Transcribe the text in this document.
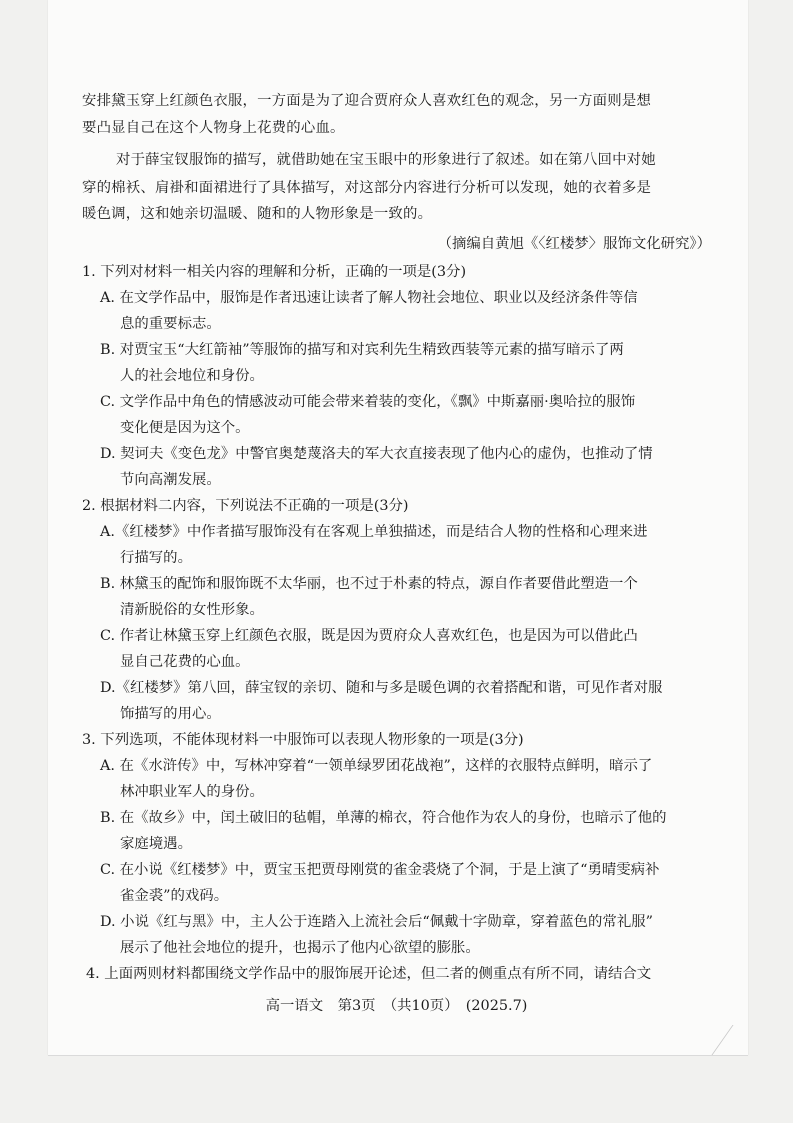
安排黛玉穿上红颜色衣服，一方面是为了迎合贾府众人喜欢红色的观念，另一方面则是想
要凸显自己在这个人物身上花费的心血。
对于薛宝钗服饰的描写，就借助她在宝玉眼中的形象进行了叙述。如在第八回中对她
穿的棉袄、肩褂和面裙进行了具体描写，对这部分内容进行分析可以发现，她的衣着多是
暖色调，这和她亲切温暖、随和的人物形象是一致的。
（摘编自黄旭《〈红楼梦〉服饰文化研究》）
1. 下列对材料一相关内容的理解和分析，正确的一项是(3分)
A. 在文学作品中，服饰是作者迅速让读者了解人物社会地位、职业以及经济条件等信
息的重要标志。
B. 对贾宝玉“大红箭袖”等服饰的描写和对宾利先生精致西装等元素的描写暗示了两
人的社会地位和身份。
C. 文学作品中角色的情感波动可能会带来着装的变化，《飘》中斯嘉丽·奥哈拉的服饰
变化便是因为这个。
D. 契诃夫《变色龙》中警官奥楚蔑洛夫的军大衣直接表现了他内心的虚伪，也推动了情
节向高潮发展。
2. 根据材料二内容，下列说法不正确的一项是(3分)
A.《红楼梦》中作者描写服饰没有在客观上单独描述，而是结合人物的性格和心理来进
行描写的。
B. 林黛玉的配饰和服饰既不太华丽，也不过于朴素的特点，源自作者要借此塑造一个
清新脱俗的女性形象。
C. 作者让林黛玉穿上红颜色衣服，既是因为贾府众人喜欢红色，也是因为可以借此凸
显自己花费的心血。
D.《红楼梦》第八回，薛宝钗的亲切、随和与多是暖色调的衣着搭配和谐，可见作者对服
饰描写的用心。
3. 下列选项，不能体现材料一中服饰可以表现人物形象的一项是(3分)
A. 在《水浒传》中，写林冲穿着“一领单绿罗团花战袍”，这样的衣服特点鲜明，暗示了
林冲职业军人的身份。
B. 在《故乡》中，闰土破旧的毡帽，单薄的棉衣，符合他作为农人的身份，也暗示了他的
家庭境遇。
C. 在小说《红楼梦》中，贾宝玉把贾母刚赏的雀金裘烧了个洞，于是上演了“勇晴雯病补
雀金裘”的戏码。
D. 小说《红与黑》中，主人公于连踏入上流社会后“佩戴十字勋章，穿着蓝色的常礼服”
展示了他社会地位的提升，也揭示了他内心欲望的膨胀。
4. 上面两则材料都围绕文学作品中的服饰展开论述，但二者的侧重点有所不同，请结合文
高一语文　第3页　（共10页）　(2025.7)
